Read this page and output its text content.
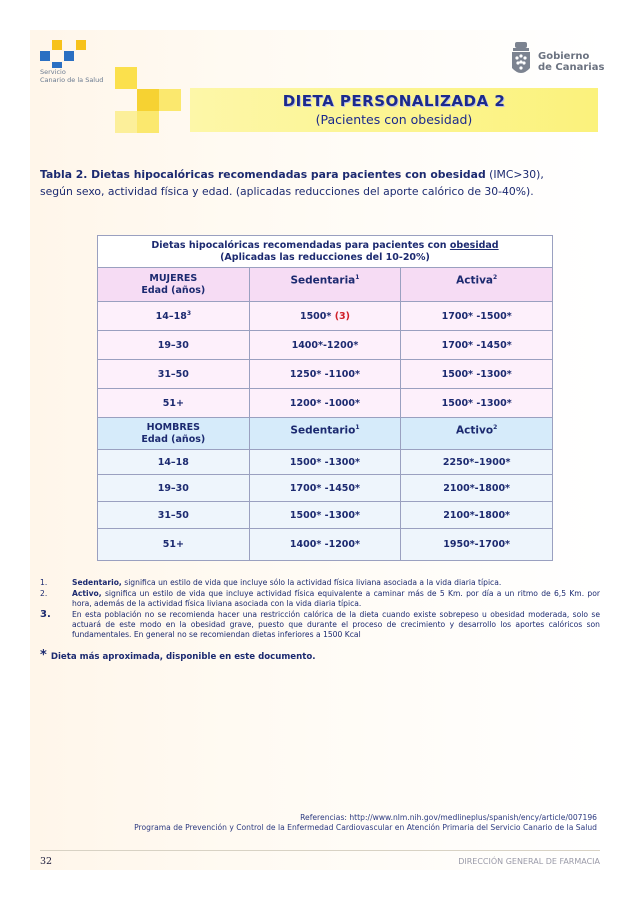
Servicio
Canario de la Salud
Gobierno
de Canarias
DIETA PERSONALIZADA 2
(Pacientes con obesidad)
Tabla 2. Dietas hipocalóricas recomendadas para pacientes con obesidad (IMC>30),
según sexo, actividad física y edad. (aplicadas reducciones del aporte calórico de 30-40%).
Dietas hipocalóricas recomendadas para pacientes con obesidad
(Aplicadas las reducciones del 10-20%)		
MUJERES
Edad (años)	Sedentaria$^1$	Activa$^2$
$14-18^3$	1500* (3)	1700* -1500*
19–30	1400*-1200*	1700* -1450*
31–50	1250* -1100*	1500* -1300*
51+	1200* -1000*	1500* -1300*
HOMBRES
Edad (años)	Sedentario$^1$	Activo$^2$
14–18	1500* -1300*	2250*–1900*
19–30	1700* -1450*	2100*-1800*
31–50	1500* -1300*	2100*-1800*
51+	1400* -1200*	1950*-1700*
1.	Sedentario, significa un estilo de vida que incluye sólo la actividad física liviana asociada a la vida diaria típica.
2.	Activo, significa un estilo de vida que incluye actividad física equivalente a caminar más de 5 Km. por día a un ritmo de 6,5 Km. por hora, además de la actividad física liviana asociada con la vida diaria típica.
3.	En esta población no se recomienda hacer una restricción calórica de la dieta cuando existe sobrepeso u obesidad moderada, solo se actuará de este modo en la obesidad grave, puesto que durante el proceso de crecimiento y desarrollo los aportes calóricos son fundamentales. En general no se recomiendan dietas inferiores a 1500 Kcal
* Dieta más aproximada, disponible en este documento.
Referencias: http://www.nlm.nih.gov/medlineplus/spanish/ency/article/007196
Programa de Prevención y Control de la Enfermedad Cardiovascular en Atención Primaria del Servicio Canario de la Salud
32	DIRECCIÓN GENERAL DE FARMACIA
